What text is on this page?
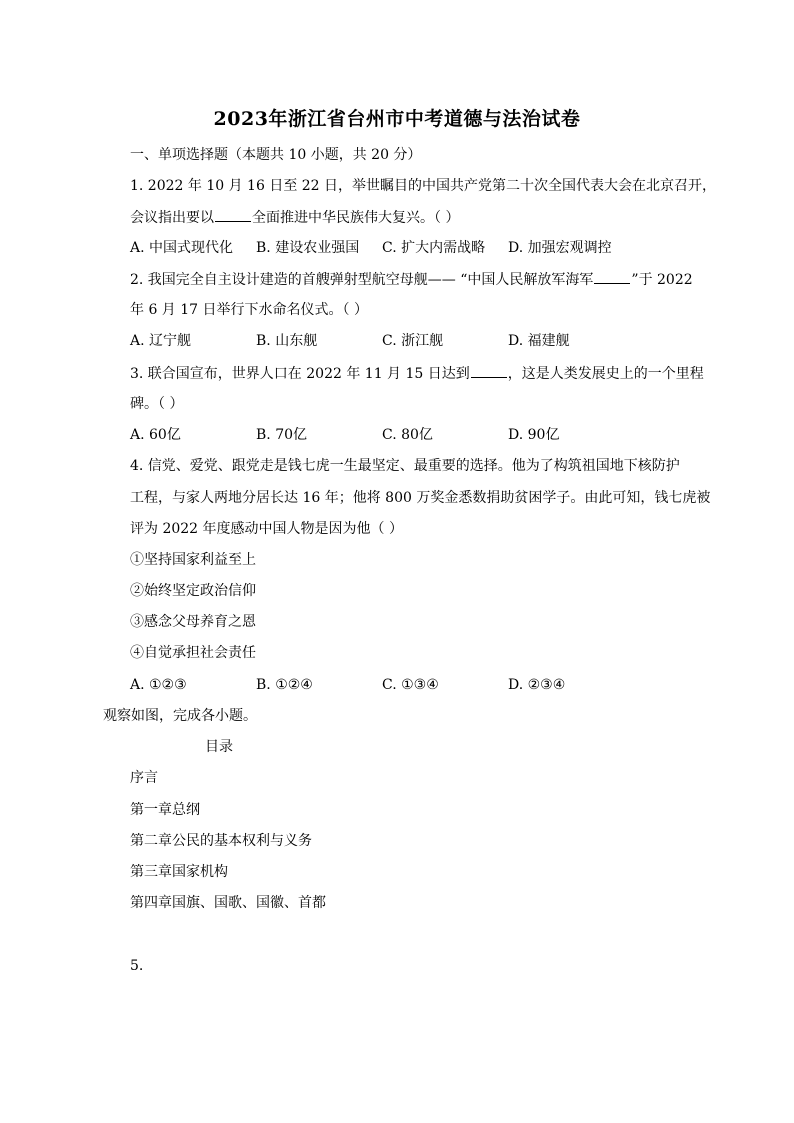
2023年浙江省台州市中考道德与法治试卷
一、单项选择题（本题共 10 小题，共 20 分）
1. 2022 年 10 月 16 日至 22 日，举世瞩目的中国共产党第二十次全国代表大会在北京召开，
会议指出要以	全面推进中华民族伟大复兴。（ ）
A. 中国式现代化 B. 建设农业强国 C. 扩大内需战略 D. 加强宏观调控
2. 我国完全自主设计建造的首艘弹射型航空母舰—— “中国人民解放军海军	”于 2022
年 6 月 17 日举行下水命名仪式。（ ）
A. 辽宁舰	B. 山东舰	C. 浙江舰	D. 福建舰
3. 联合国宣布，世界人口在 2022 年 11 月 15 日达到	，这是人类发展史上的一个里程
碑。（ ）
A. 60亿	B. 70亿	C. 80亿	D. 90亿
4. 信党、爱党、跟党走是钱七虎一生最坚定、最重要的选择。他为了构筑祖国地下核防护
工程，与家人两地分居长达 16 年；他将 800 万奖金悉数捐助贫困学子。由此可知，钱七虎被
评为 2022 年度感动中国人物是因为他（ ）
①坚持国家利益至上
②始终坚定政治信仰
③感念父母养育之恩
④自觉承担社会责任
A. ①②③	B. ①②④	C. ①③④	D. ②③④
观察如图，完成各小题。
目录
序言
第一章总纲
第二章公民的基本权利与义务
第三章国家机构
第四章国旗、国歌、国徽、首都
5.
